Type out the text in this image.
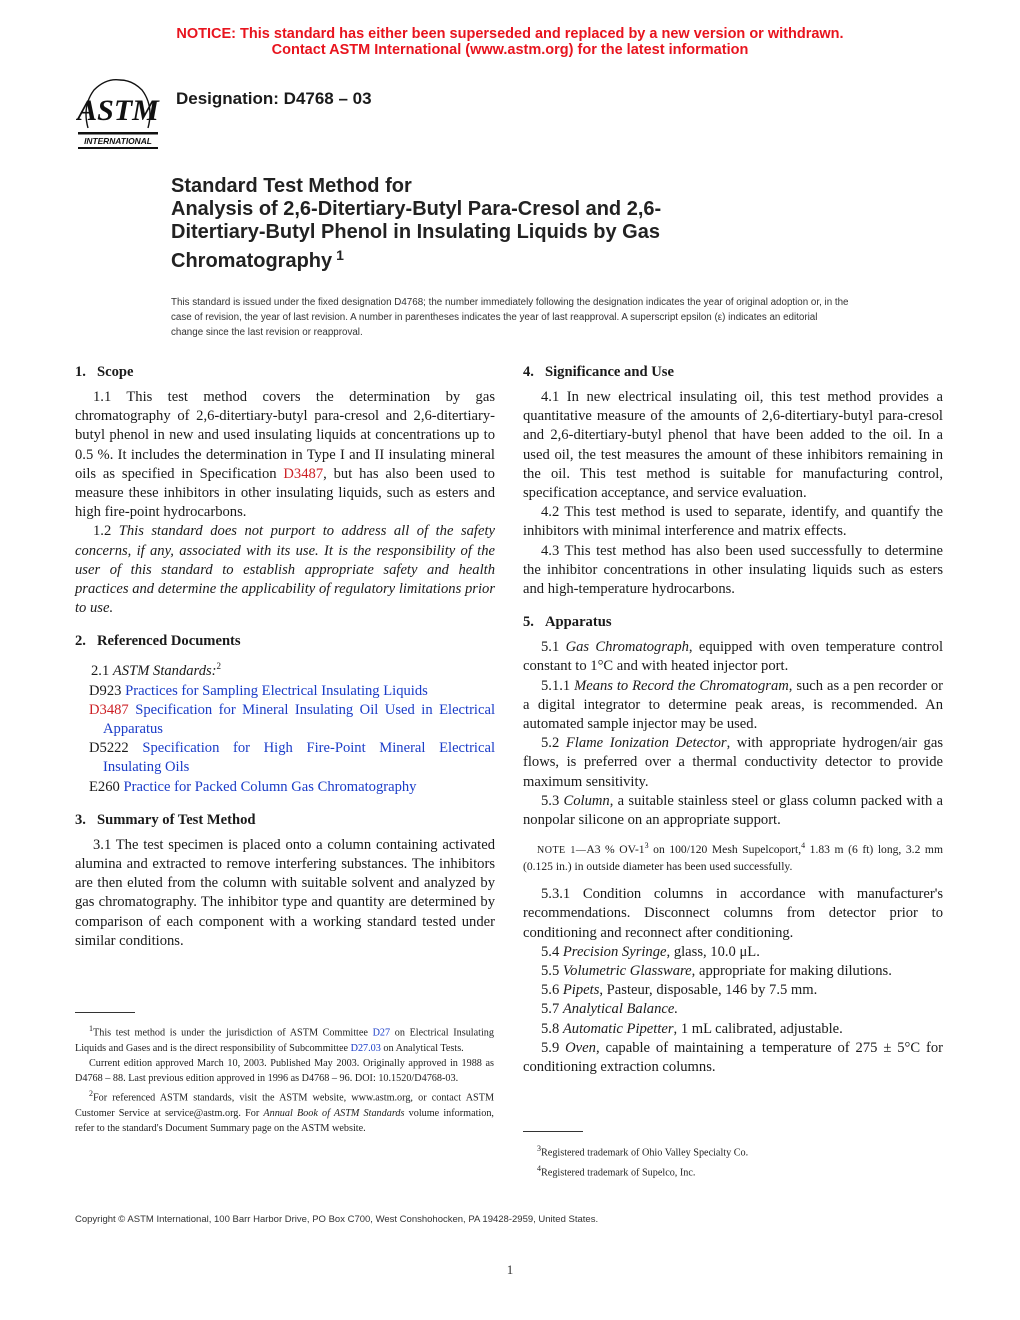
NOTICE: This standard has either been superseded and replaced by a new version or withdrawn.
Contact ASTM International (www.astm.org) for the latest information
ASTM
INTERNATIONAL
Designation: D4768 – 03
Standard Test Method for
Analysis of 2,6-Ditertiary-Butyl Para-Cresol and 2,6-
Ditertiary-Butyl Phenol in Insulating Liquids by Gas
Chromatography $^1$
This standard is issued under the fixed designation D4768; the number immediately following the designation indicates the year of original adoption or, in the case of revision, the year of last revision. A number in parentheses indicates the year of last reapproval. A superscript epsilon (ε) indicates an editorial change since the last revision or reapproval.
1. Scope

1.1 This test method covers the determination by gas chromatography of 2,6-ditertiary-butyl para-cresol and 2,6-ditertiary-butyl phenol in new and used insulating liquids at concentrations up to 0.5 %. It includes the determination in Type I and II insulating mineral oils as specified in Specification D3487, but has also been used to measure these inhibitors in other insulating liquids, such as esters and high fire-point hydrocarbons.

1.2 This standard does not purport to address all of the safety concerns, if any, associated with its use. It is the responsibility of the user of this standard to establish appropriate safety and health practices and determine the applicability of regulatory limitations prior to use.

2. Referenced Documents

2.1 ASTM Standards:$^2$

D923 Practices for Sampling Electrical Insulating Liquids

D3487 Specification for Mineral Insulating Oil Used in Electrical Apparatus

D5222 Specification for High Fire-Point Mineral Electrical Insulating Oils

E260 Practice for Packed Column Gas Chromatography

3. Summary of Test Method

3.1 The test specimen is placed onto a column containing activated alumina and extracted to remove interfering substances. The inhibitors are then eluted from the column with suitable solvent and analyzed by gas chromatography. The inhibitor type and quantity are determined by comparison of each component with a working standard tested under similar conditions.

4. Significance and Use

4.1 In new electrical insulating oil, this test method provides a quantitative measure of the amounts of 2,6-ditertiary-butyl para-cresol and 2,6-ditertiary-butyl phenol that have been added to the oil. In a used oil, the test measures the amount of these inhibitors remaining in the oil. This test method is suitable for manufacturing control, specification acceptance, and service evaluation.

4.2 This test method is used to separate, identify, and quantify the inhibitors with minimal interference and matrix effects.

4.3 This test method has also been used successfully to determine the inhibitor concentrations in other insulating liquids such as esters and high-temperature hydrocarbons.

5. Apparatus

5.1 Gas Chromatograph, equipped with oven temperature control constant to 1°C and with heated injector port.

5.1.1 Means to Record the Chromatogram, such as a pen recorder or a digital integrator to determine peak areas, is recommended. An automated sample injector may be used.

5.2 Flame Ionization Detector, with appropriate hydrogen/air gas flows, is preferred over a thermal conductivity detector to provide maximum sensitivity.

5.3 Column, a suitable stainless steel or glass column packed with a nonpolar silicone on an appropriate support.

NOTE 1—A3 % $OV-1^3$ on 100/120 Mesh Supelcoport,$^4$ 1.83 m (6 ft) long, 3.2 mm (0.125 in.) in outside diameter has been used successfully.

5.3.1 Condition columns in accordance with manufacturer's recommendations. Disconnect columns from detector prior to conditioning and reconnect after conditioning.

5.4 Precision Syringe, glass, 10.0 μL.

5.5 Volumetric Glassware, appropriate for making dilutions.

5.6 Pipets, Pasteur, disposable, 146 by 7.5 mm.

5.7 Analytical Balance.

5.8 Automatic Pipetter, 1 mL calibrated, adjustable.

5.9 Oven, capable of maintaining a temperature of 275 ± 5°C for conditioning extraction columns.

$^1$This test method is under the jurisdiction of ASTM Committee D27 on Electrical Insulating Liquids and Gases and is the direct responsibility of Subcommittee D27.03 on Analytical Tests.

Current edition approved March 10, 2003. Published May 2003. Originally approved in 1988 as D4768 – 88. Last previous edition approved in 1996 as D4768 – 96. DOI: 10.1520/D4768-03.

$^2$For referenced ASTM standards, visit the ASTM website, www.astm.org, or contact ASTM Customer Service at service@astm.org. For Annual Book of ASTM Standards volume information, refer to the standard's Document Summary page on the ASTM website.

$^3$Registered trademark of Ohio Valley Specialty Co.

$^4$Registered trademark of Supelco, Inc.

Copyright © ASTM International, 100 Barr Harbor Drive, PO Box C700, West Conshohocken, PA 19428-2959, United States.
1
